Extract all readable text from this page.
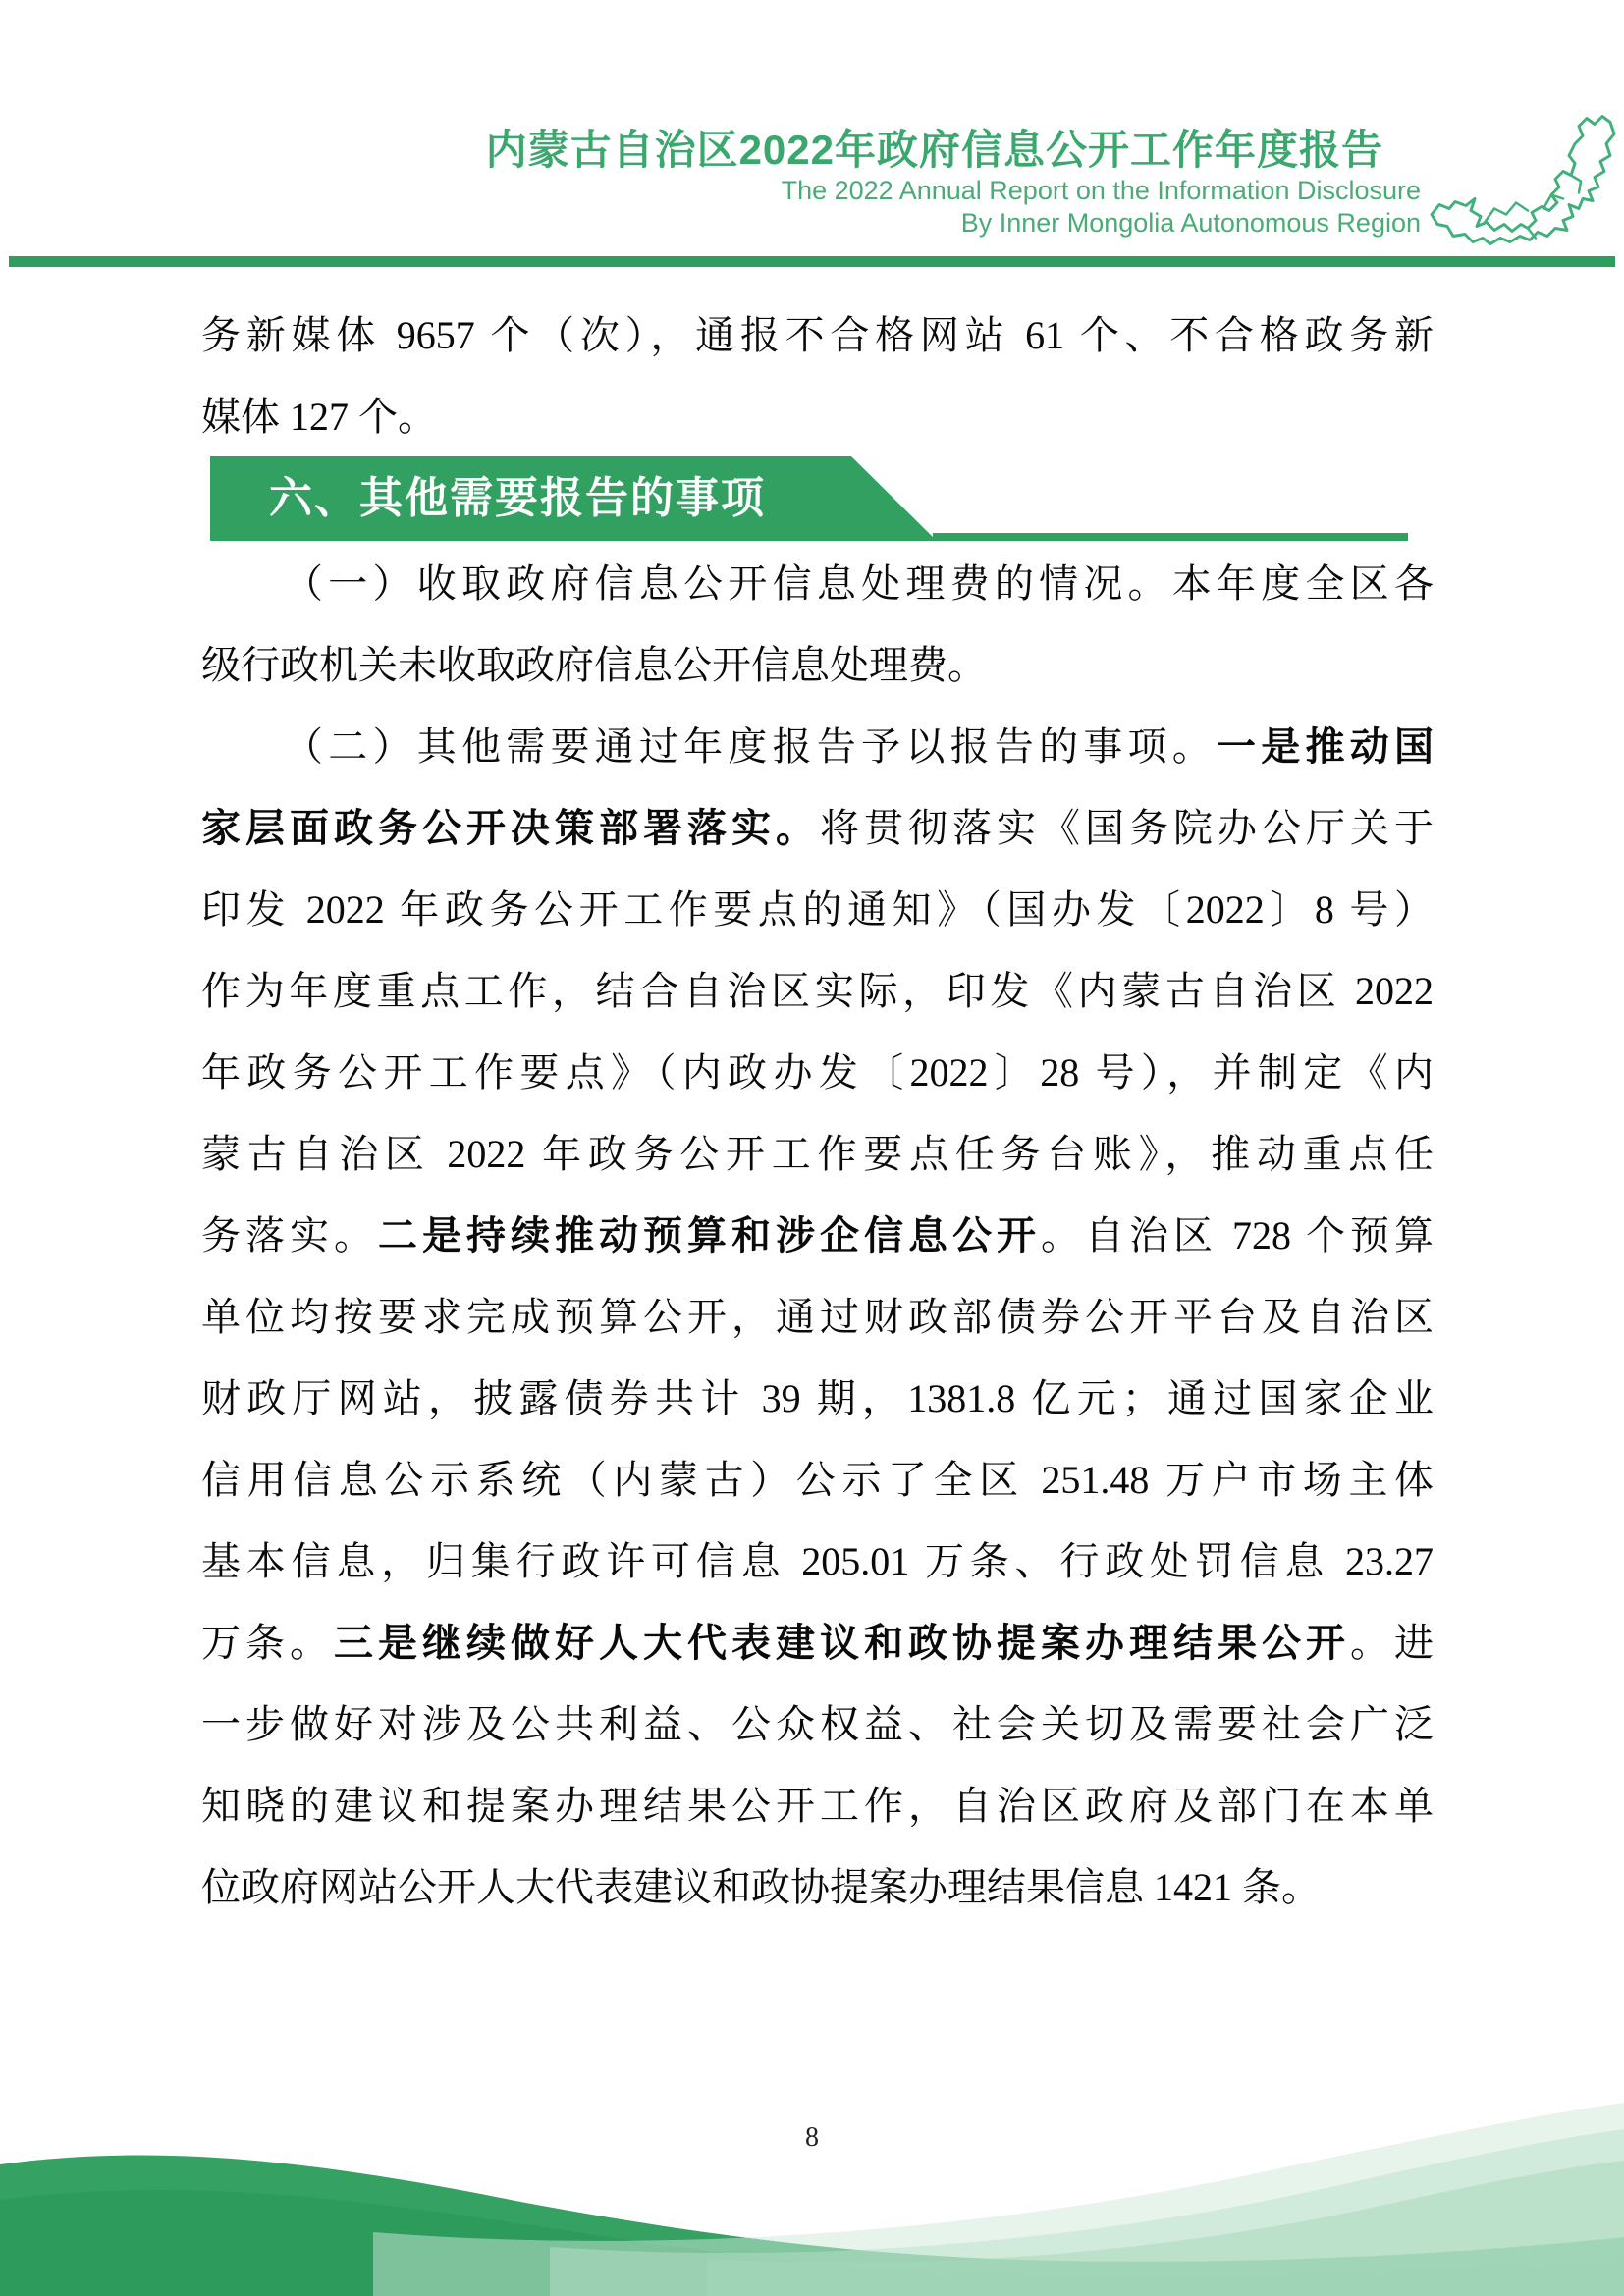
内蒙古自治区2022年政府信息公开工作年度报告
The 2022 Annual Report on the Information Disclosure
By Inner Mongolia Autonomous Region
务新媒体 9657 个（次），通报不合格网站 61 个、不合格政务新
媒体 127 个。
六、其他需要报告的事项
（一）收取政府信息公开信息处理费的情况。本年度全区各
级行政机关未收取政府信息公开信息处理费。
（二）其他需要通过年度报告予以报告的事项。一是推动国
家层面政务公开决策部署落实。将贯彻落实《国务院办公厅关于
印发 2022 年政务公开工作要点的通知》（国办发〔2022〕8 号）
作为年度重点工作，结合自治区实际，印发《内蒙古自治区 2022
年政务公开工作要点》（内政办发〔2022〕28 号），并制定《内
蒙古自治区 2022 年政务公开工作要点任务台账》，推动重点任
务落实。二是持续推动预算和涉企信息公开。自治区 728 个预算
单位均按要求完成预算公开，通过财政部债券公开平台及自治区
财政厅网站，披露债券共计 39 期，1381.8 亿元；通过国家企业
信用信息公示系统（内蒙古）公示了全区 251.48 万户市场主体
基本信息，归集行政许可信息 205.01 万条、行政处罚信息 23.27
万条。三是继续做好人大代表建议和政协提案办理结果公开。进
一步做好对涉及公共利益、公众权益、社会关切及需要社会广泛
知晓的建议和提案办理结果公开工作，自治区政府及部门在本单
位政府网站公开人大代表建议和政协提案办理结果信息 1421 条。
8
